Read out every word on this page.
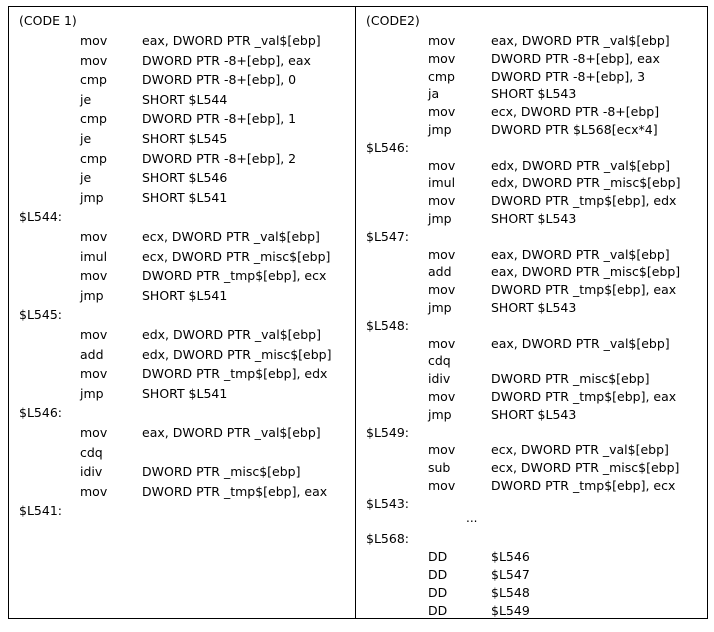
(CODE 1)
mov	eax, DWORD PTR _val$[ebp]
mov	DWORD PTR -8+[ebp], eax
cmp	DWORD PTR -8+[ebp], 0
je	SHORT $L544
cmp	DWORD PTR -8+[ebp], 1
je	SHORT $L545
cmp	DWORD PTR -8+[ebp], 2
je	SHORT $L546
jmp	SHORT $L541
$L544:
mov	ecx, DWORD PTR _val$[ebp]
imul	ecx, DWORD PTR _misc$[ebp]
mov	DWORD PTR _tmp$[ebp], ecx
jmp	SHORT $L541
$L545:
mov	edx, DWORD PTR _val$[ebp]
add	edx, DWORD PTR _misc$[ebp]
mov	DWORD PTR _tmp$[ebp], edx
jmp	SHORT $L541
$L546:
mov	eax, DWORD PTR _val$[ebp]
cdq
idiv	DWORD PTR _misc$[ebp]
mov	DWORD PTR _tmp$[ebp], eax
$L541:
(CODE2)
mov	eax, DWORD PTR _val$[ebp]
mov	DWORD PTR -8+[ebp], eax
cmp	DWORD PTR -8+[ebp], 3
ja	SHORT $L543
mov	ecx, DWORD PTR -8+[ebp]
jmp	DWORD PTR $L568[ecx*4]
$L546:
mov	edx, DWORD PTR _val$[ebp]
imul	edx, DWORD PTR _misc$[ebp]
mov	DWORD PTR _tmp$[ebp], edx
jmp	SHORT $L543
$L547:
mov	eax, DWORD PTR _val$[ebp]
add	eax, DWORD PTR _misc$[ebp]
mov	DWORD PTR _tmp$[ebp], eax
jmp	SHORT $L543
$L548:
mov	eax, DWORD PTR _val$[ebp]
cdq
idiv	DWORD PTR _misc$[ebp]
mov	DWORD PTR _tmp$[ebp], eax
jmp	SHORT $L543
$L549:
mov	ecx, DWORD PTR _val$[ebp]
sub	ecx, DWORD PTR _misc$[ebp]
mov	DWORD PTR _tmp$[ebp], ecx
$L543:
...
$L568:
DD	$L546
DD	$L547
DD	$L548
DD	$L549
